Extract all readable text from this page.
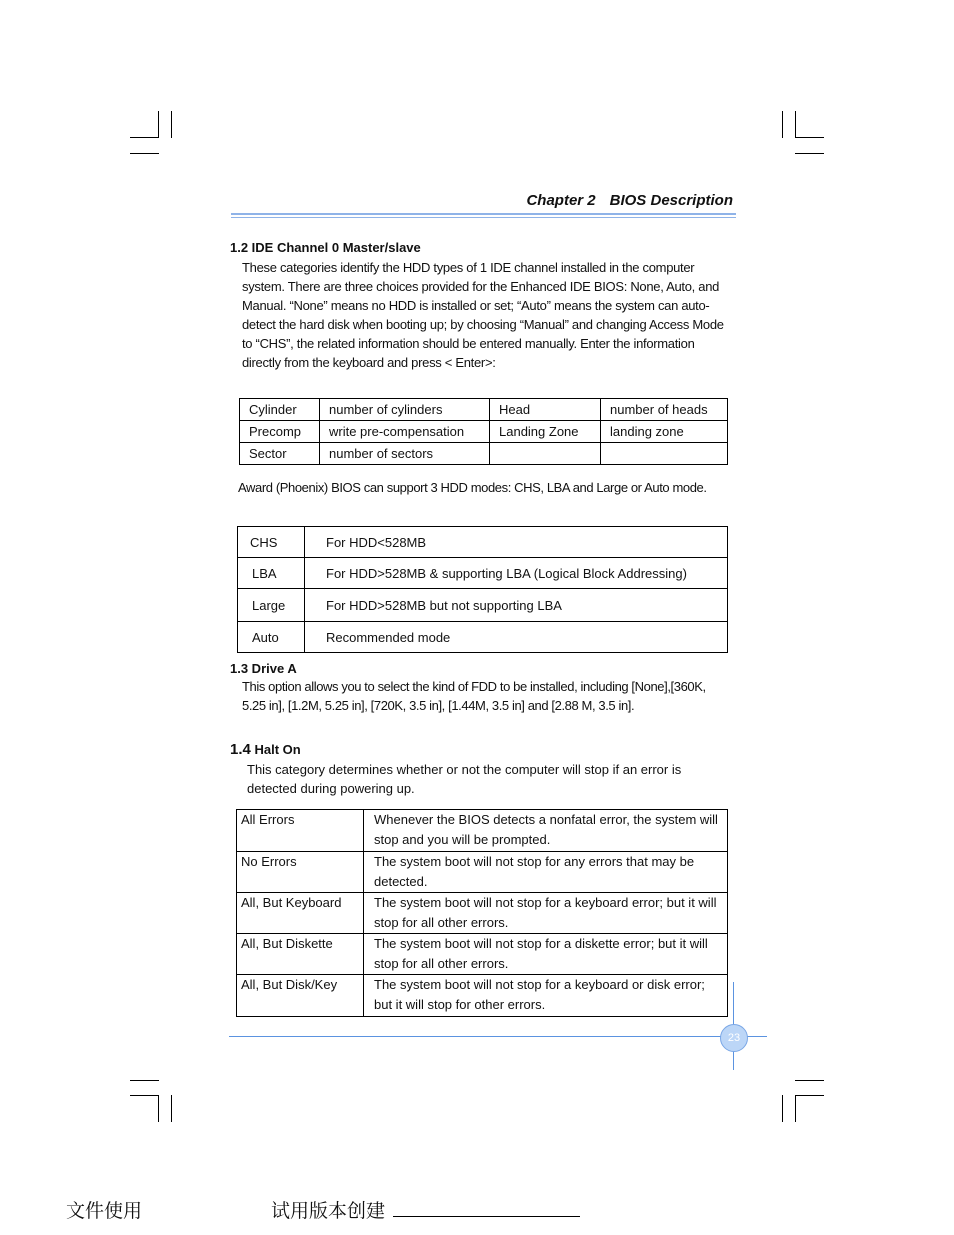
Chapter 2 BIOS Description
1.2 IDE Channel 0 Master/slave
These categories identify the HDD types of 1 IDE channel installed in the computer system. There are three choices provided for the Enhanced IDE BIOS: None, Auto, and Manual. “None” means no HDD is installed or set; “Auto” means the system can auto-detect the hard disk when booting up; by choosing “Manual” and changing Access Mode to “CHS”, the related information should be entered manually. Enter the information directly from the keyboard and press < Enter>:
Cylinder	number of cylinders	Head	number of heads
Precomp	write pre-compensation	Landing Zone	landing zone
Sector	number of sectors		
Award (Phoenix) BIOS can support 3 HDD modes: CHS, LBA and Large or Auto mode.
CHS	For HDD<528MB
LBA	For HDD>528MB & supporting LBA (Logical Block Addressing)
Large	For HDD>528MB but not supporting LBA
Auto	Recommended mode
1.3 Drive A
This option allows you to select the kind of FDD to be installed, including [None],[360K, 5.25 in], [1.2M, 5.25 in], [720K, 3.5 in], [1.44M, 3.5 in] and [2.88 M, 3.5 in].
1.4 Halt On
This category determines whether or not the computer will stop if an error is detected during powering up.
All Errors	Whenever the BIOS detects a nonfatal error, the system will stop and you will be prompted.
No Errors	The system boot will not stop for any errors that may be detected.
All, But Keyboard	The system boot will not stop for a keyboard error; but it will stop for all other errors.
All, But Diskette	The system boot will not stop for a diskette error; but it will stop for all other errors.
All, But Disk/Key	The system boot will not stop for a keyboard or disk error; but it will stop for other errors.
23
文件使用	试用版本创建
